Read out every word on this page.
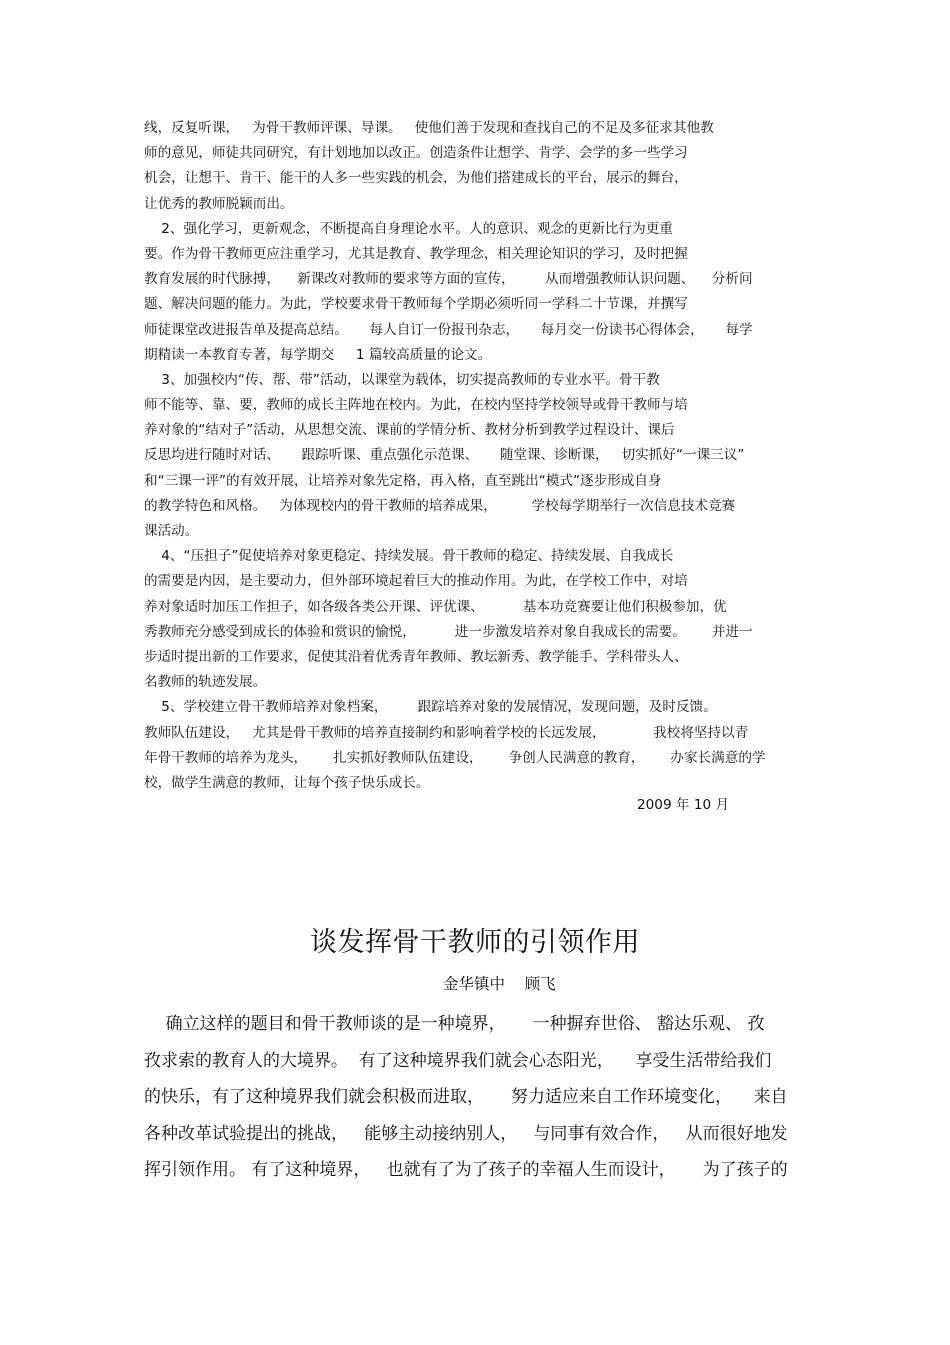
线，反复听课，   为骨干教师评课、导课。   使他们善于发现和查找自己的不足及多征求其他教
师的意见，师徒共同研究，有计划地加以改正。创造条件让想学、肯学、会学的多一些学习
机会，让想干、肯干、能干的人多一些实践的机会，为他们搭建成长的平台，展示的舞台，
让优秀的教师脱颖而出。
2、强化学习，更新观念，不断提高自身理论水平。人的意识、观念的更新比行为更重
要。作为骨干教师更应注重学习，尤其是教育、教学理念，相关理论知识的学习，及时把握
教育发展的时代脉搏，    新课改对教师的要求等方面的宣传，       从而增强教师认识问题、    分析问
题、解决问题的能力。为此，学校要求骨干教师每个学期必须听同一学科二十节课，并撰写
师徒课堂改进报告单及提高总结。     每人自订一份报刊杂志，     每月交一份读书心得体会，     每学
期精读一本教育专著，每学期交     1 篇较高质量的论文。
3、加强校内“传、帮、带”活动，以课堂为载体，切实提高教师的专业水平。骨干教
师不能等、靠、要，教师的成长主阵地在校内。为此，在校内坚持学校领导或骨干教师与培
养对象的“结对子”活动，从思想交流、课前的学情分析、教材分析到教学过程设计、课后
反思均进行随时对话、     跟踪听课、重点强化示范课、     随堂课、诊断课，   切实抓好“一课三议”
和“三课一评”的有效开展，让培养对象先定格，再入格，直至跳出“模式”逐步形成自身
的教学特色和风格。   为体现校内的骨干教师的培养成果，        学校每学期举行一次信息技术竞赛
课活动。
4、“压担子”促使培养对象更稳定、持续发展。骨干教师的稳定、持续发展、自我成长
的需要是内因，是主要动力，但外部环境起着巨大的推动作用。为此，在学校工作中，对培
养对象适时加压工作担子，如各级各类公开课、评优课、         基本功竞赛要让他们积极参加，优
秀教师充分感受到成长的体验和赏识的愉悦，         进一步激发培养对象自我成长的需要。      并进一
步适时提出新的工作要求，促使其沿着优秀青年教师、教坛新秀、教学能手、学科带头人、
名教师的轨迹发展。
5、学校建立骨干教师培养对象档案，       跟踪培养对象的发展情况，发现问题，及时反馈。
教师队伍建设，   尤其是骨干教师的培养直接制约和影响着学校的长远发展，           我校将坚持以青
年骨干教师的培养为龙头，      扎实抓好教师队伍建设，      争创人民满意的教育，      办家长满意的学
校，做学生满意的教师，让每个孩子快乐成长。
2009 年 10 月
谈发挥骨干教师的引领作用
金华镇中    顾飞
确立这样的题目和骨干教师谈的是一种境界，     一种摒弃世俗、 豁达乐观、 孜
孜求索的教育人的大境界。  有了这种境界我们就会心态阳光，    享受生活带给我们
的快乐，有了这种境界我们就会积极而进取，     努力适应来自工作环境变化，    来自
各种改革试验提出的挑战，   能够主动接纳别人，   与同事有效合作，   从而很好地发
挥引领作用。 有了这种境界，   也就有了为了孩子的幸福人生而设计，     为了孩子的
